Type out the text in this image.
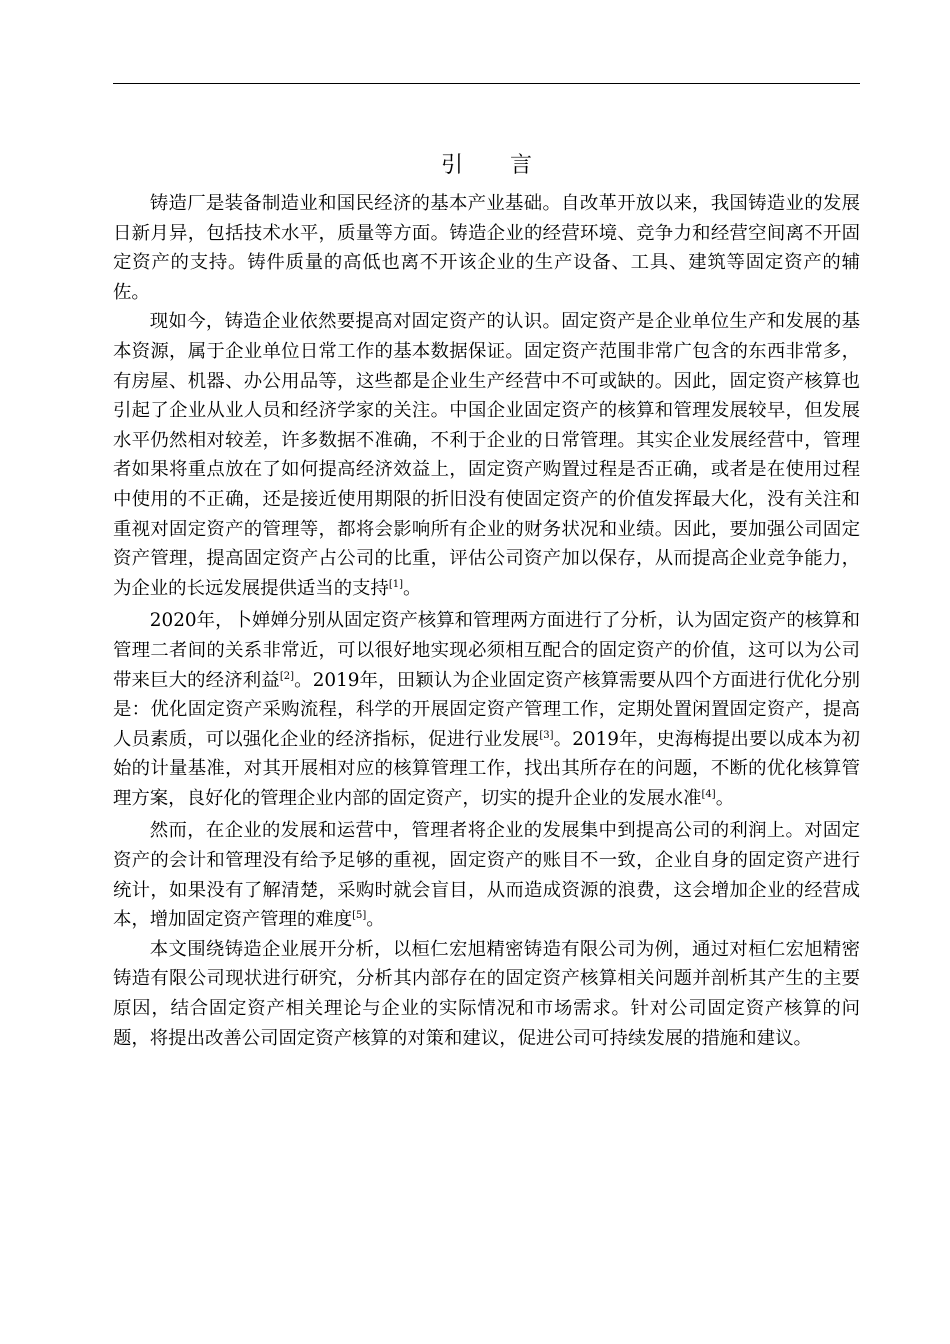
引 言

铸造厂是装备制造业和国民经济的基本产业基础。自改革开放以来，我国铸造业的发展日新月异，包括技术水平，质量等方面。铸造企业的经营环境、竞争力和经营空间离不开固定资产的支持。铸件质量的高低也离不开该企业的生产设备、工具、建筑等固定资产的辅佐。

现如今，铸造企业依然要提高对固定资产的认识。固定资产是企业单位生产和发展的基本资源，属于企业单位日常工作的基本数据保证。固定资产范围非常广包含的东西非常多，有房屋、机器、办公用品等，这些都是企业生产经营中不可或缺的。因此，固定资产核算也引起了企业从业人员和经济学家的关注。中国企业固定资产的核算和管理发展较早，但发展水平仍然相对较差，许多数据不准确，不利于企业的日常管理。其实企业发展经营中，管理者如果将重点放在了如何提高经济效益上，固定资产购置过程是否正确，或者是在使用过程中使用的不正确，还是接近使用期限的折旧没有使固定资产的价值发挥最大化，没有关注和重视对固定资产的管理等，都将会影响所有企业的财务状况和业绩。因此，要加强公司固定资产管理，提高固定资产占公司的比重，评估公司资产加以保存，从而提高企业竞争能力，为企业的长远发展提供适当的支持[1]。

2020年，卜婵婵分别从固定资产核算和管理两方面进行了分析，认为固定资产的核算和管理二者间的关系非常近，可以很好地实现必须相互配合的固定资产的价值，这可以为公司带来巨大的经济利益[2]。2019年，田颖认为企业固定资产核算需要从四个方面进行优化分别是：优化固定资产采购流程，科学的开展固定资产管理工作，定期处置闲置固定资产，提高人员素质，可以强化企业的经济指标，促进行业发展[3]。2019年，史海梅提出要以成本为初始的计量基准，对其开展相对应的核算管理工作，找出其所存在的问题，不断的优化核算管理方案，良好化的管理企业内部的固定资产，切实的提升企业的发展水准[4]。

然而，在企业的发展和运营中，管理者将企业的发展集中到提高公司的利润上。对固定资产的会计和管理没有给予足够的重视，固定资产的账目不一致，企业自身的固定资产进行统计，如果没有了解清楚，采购时就会盲目，从而造成资源的浪费，这会增加企业的经营成本，增加固定资产管理的难度[5]。

本文围绕铸造企业展开分析，以桓仁宏旭精密铸造有限公司为例，通过对桓仁宏旭精密铸造有限公司现状进行研究，分析其内部存在的固定资产核算相关问题并剖析其产生的主要原因，结合固定资产相关理论与企业的实际情况和市场需求。针对公司固定资产核算的问题，将提出改善公司固定资产核算的对策和建议，促进公司可持续发展的措施和建议。
